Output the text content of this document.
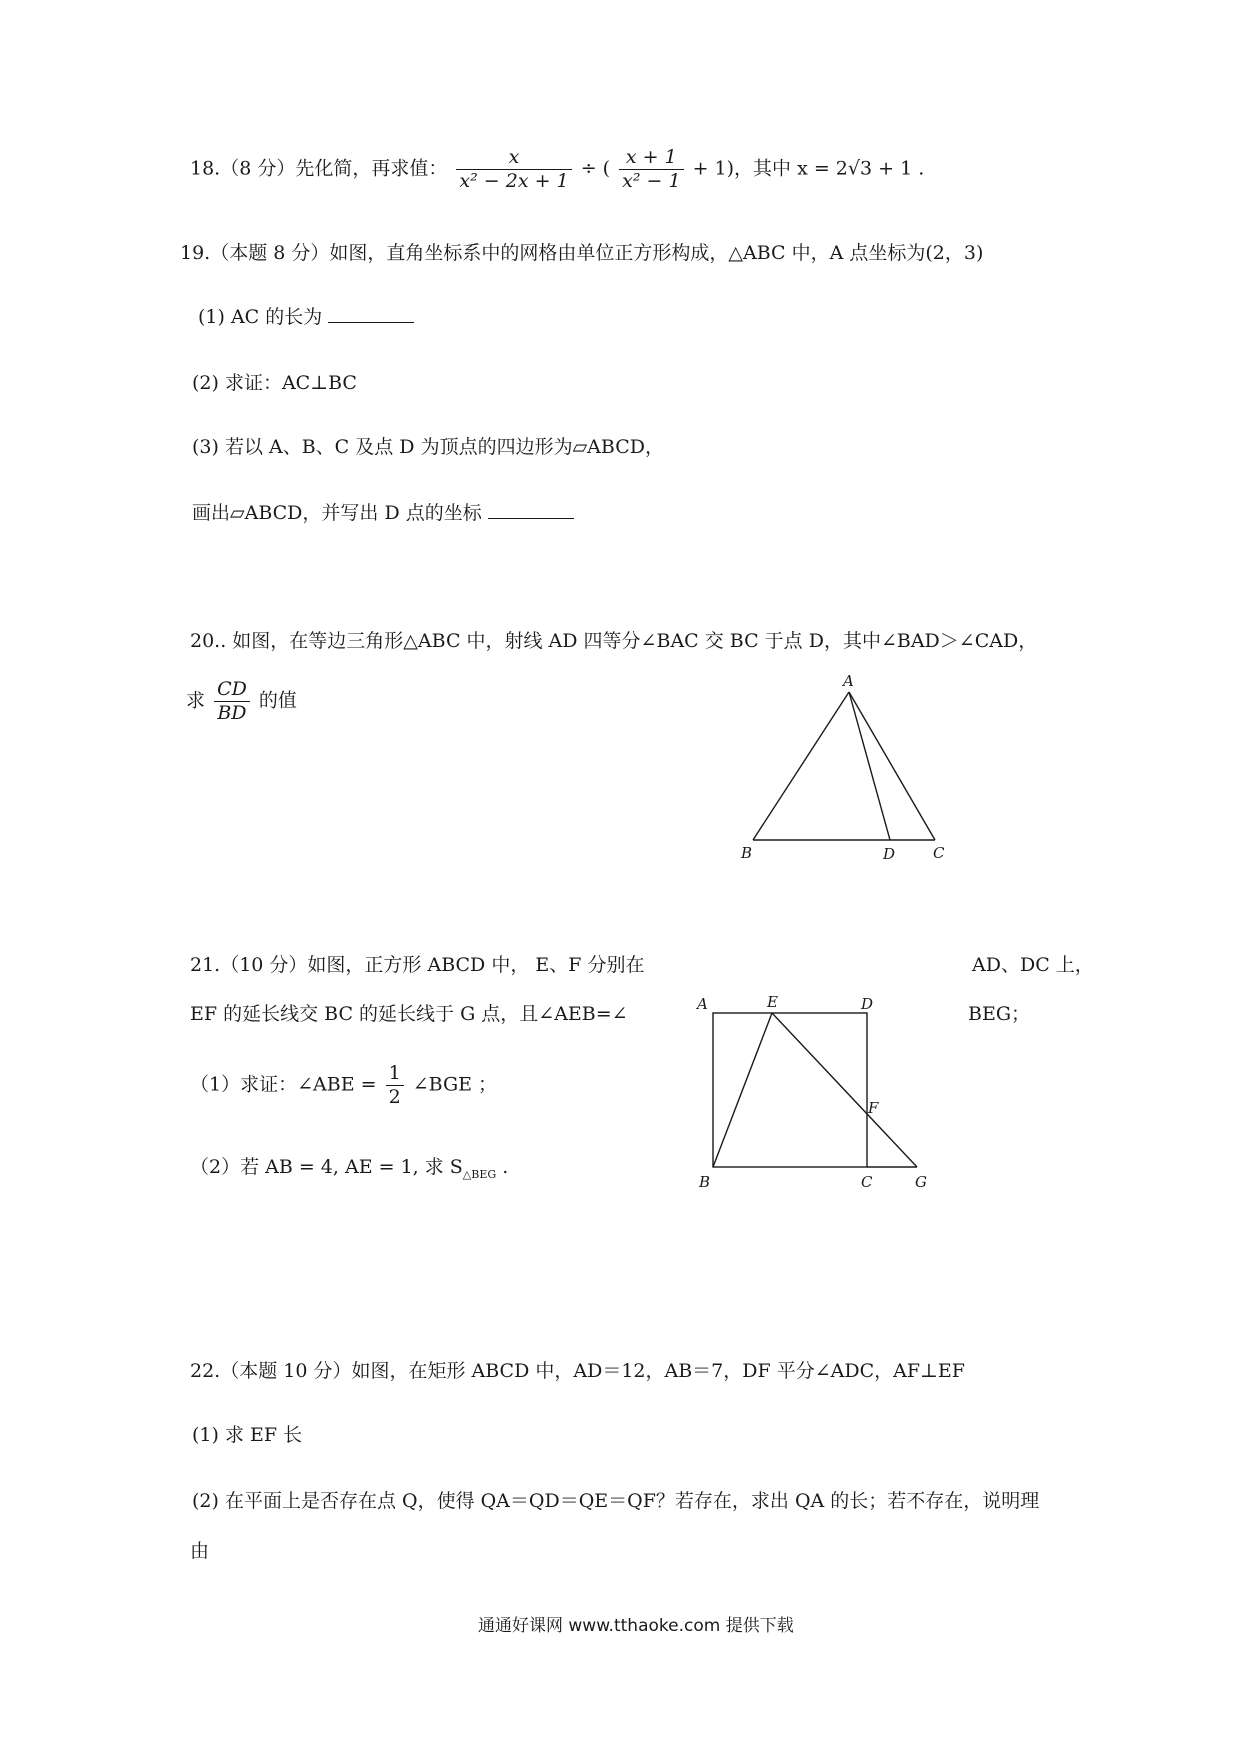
18.（8 分）先化简，再求值： $\frac{x}{\text{x² − 2x + 1}}$ ÷ ( $\frac{x + 1}{\text{x² − 1}} + 1$)，其中 x = 2√3 + 1 .
19.（本题 8 分）如图，直角坐标系中的网格由单位正方形构成，△ABC 中，A 点坐标为(2，3)
(1) AC 的长为
(2) 求证：AC⊥BC
(3) 若以 A、B、C 及点 D 为顶点的四边形为▱ABCD，
画出▱ABCD，并写出 D 点的坐标
20.. 如图，在等边三角形△ABC 中，射线 AD 四等分∠BAC 交 BC 于点 D，其中∠BAD＞∠CAD，
求 $\frac{CD}{BD}$ 的值
A
B	D	C
21.（10 分）如图，正方形 ABCD 中， E、F 分别在	AD、DC 上，
EF 的延长线交 BC 的延长线于 G 点，且∠AEB=∠	BEG；
（1）求证：∠ABE = $\frac{1}{2}$ ∠BGE ；
（2）若 AB = 4, AE = 1, 求 $S_{\triangle BEG}$ .
A	E	D
F
B	C	G
22.（本题 10 分）如图，在矩形 ABCD 中，AD＝12，AB＝7，DF 平分∠ADC，AF⊥EF
(1) 求 EF 长
(2) 在平面上是否存在点 Q，使得 QA＝QD＝QE＝QF？若存在，求出 QA 的长；若不存在，说明理
由
通通好课网 www.tthaoke.com 提供下载
